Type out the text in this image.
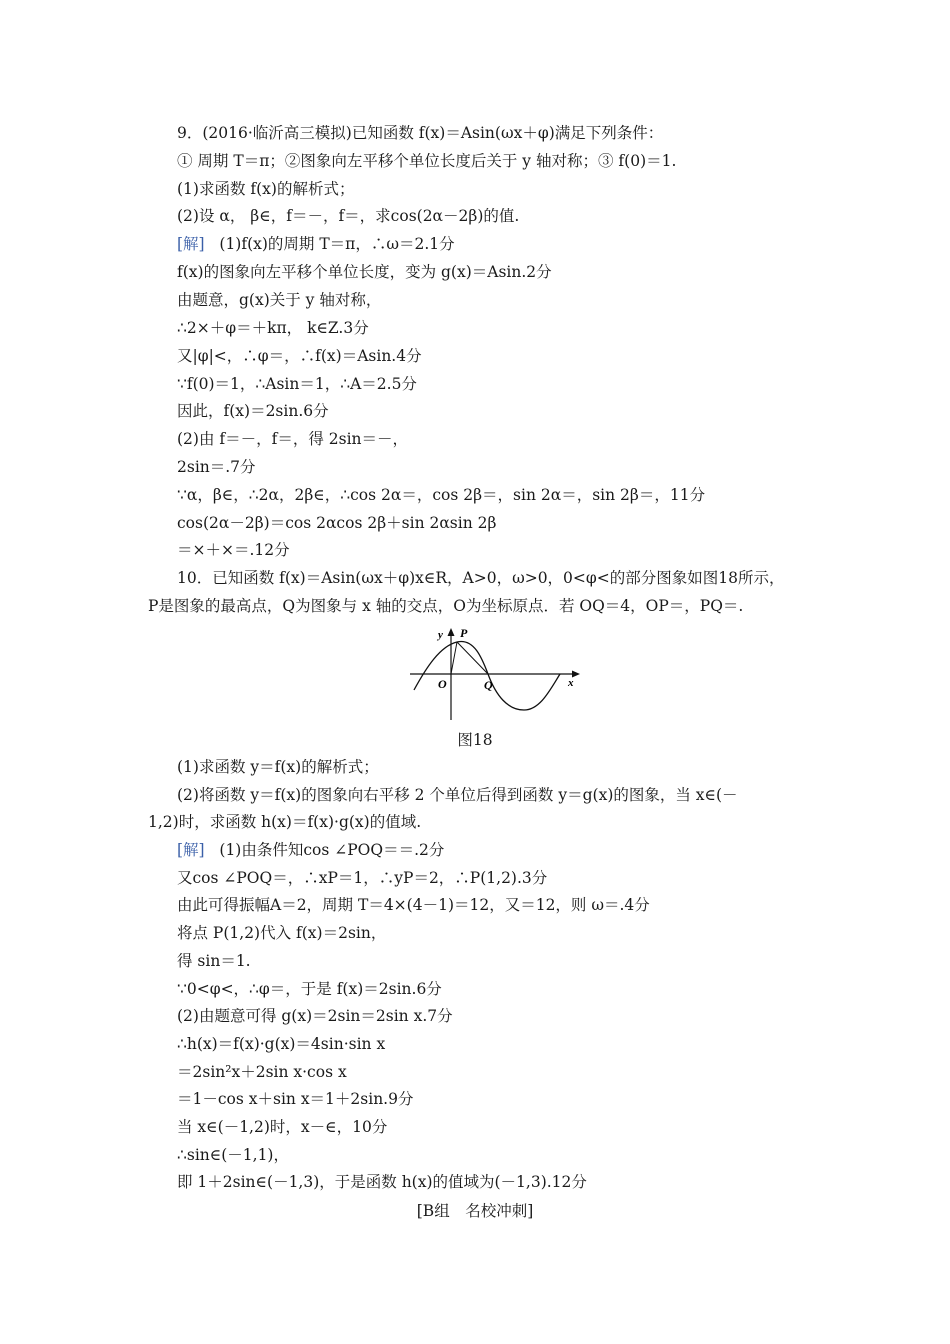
9．(2016·临沂高三模拟)已知函数 f(x)＝Asin(ωx＋φ)满足下列条件：
① 周期 T＝π；②图象向左平移个单位长度后关于 y 轴对称；③ f(0)＝1.
(1)求函数 f(x)的解析式；
(2)设 α， β∈，f＝－，f＝，求cos(2α－2β)的值.
[解]   (1)f(x)的周期 T＝π，∴ω＝2.1分
f(x)的图象向左平移个单位长度，变为 g(x)＝Asin.2分
由题意，g(x)关于 y 轴对称，
∴2×＋φ＝＋kπ， k∈Z.3分
又|φ|<，∴φ＝，∴f(x)＝Asin.4分
∵f(0)＝1，∴Asin＝1，∴A＝2.5分
因此，f(x)＝2sin.6分
(2)由 f＝－，f＝，得 2sin＝－，
2sin＝.7分
∵α，β∈，∴2α，2β∈，∴cos 2α＝，cos 2β＝，sin 2α＝，sin 2β＝，11分
cos(2α－2β)＝cos 2αcos 2β＋sin 2αsin 2β
＝×＋×＝.12分
10．已知函数 f(x)＝Asin(ωx＋φ)x∈R，A>0，ω>0，0<φ<的部分图象如图18所示，
P是图象的最高点，Q为图象与 x 轴的交点，O为坐标原点．若 OQ＝4，OP＝，PQ＝.
y P
O	Q	x
图18
(1)求函数 y＝f(x)的解析式；
(2)将函数 y＝f(x)的图象向右平移 2 个单位后得到函数 y＝g(x)的图象，当 x∈(－
1,2)时，求函数 h(x)＝f(x)·g(x)的值域.
[解]   (1)由条件知cos ∠POQ＝＝.2分
又cos ∠POQ＝，∴xP＝1，∴yP＝2，∴P(1,2).3分
由此可得振幅A＝2，周期 T＝4×(4－1)＝12，又＝12，则 ω＝.4分
将点 P(1,2)代入 f(x)＝2sin，
得 sin＝1.
∵0<φ<，∴φ＝，于是 f(x)＝2sin.6分
(2)由题意可得 g(x)＝2sin＝2sin x.7分
∴h(x)＝f(x)·g(x)＝4sin·sin x
＝2sin²x＋2sin x·cos x
＝1－cos x＋sin x＝1＋2sin.9分
当 x∈(－1,2)时，x－∈，10分
∴sin∈(－1,1)，
即 1＋2sin∈(－1,3)，于是函数 h(x)的值域为(－1,3).12分
[B组　名校冲刺]
